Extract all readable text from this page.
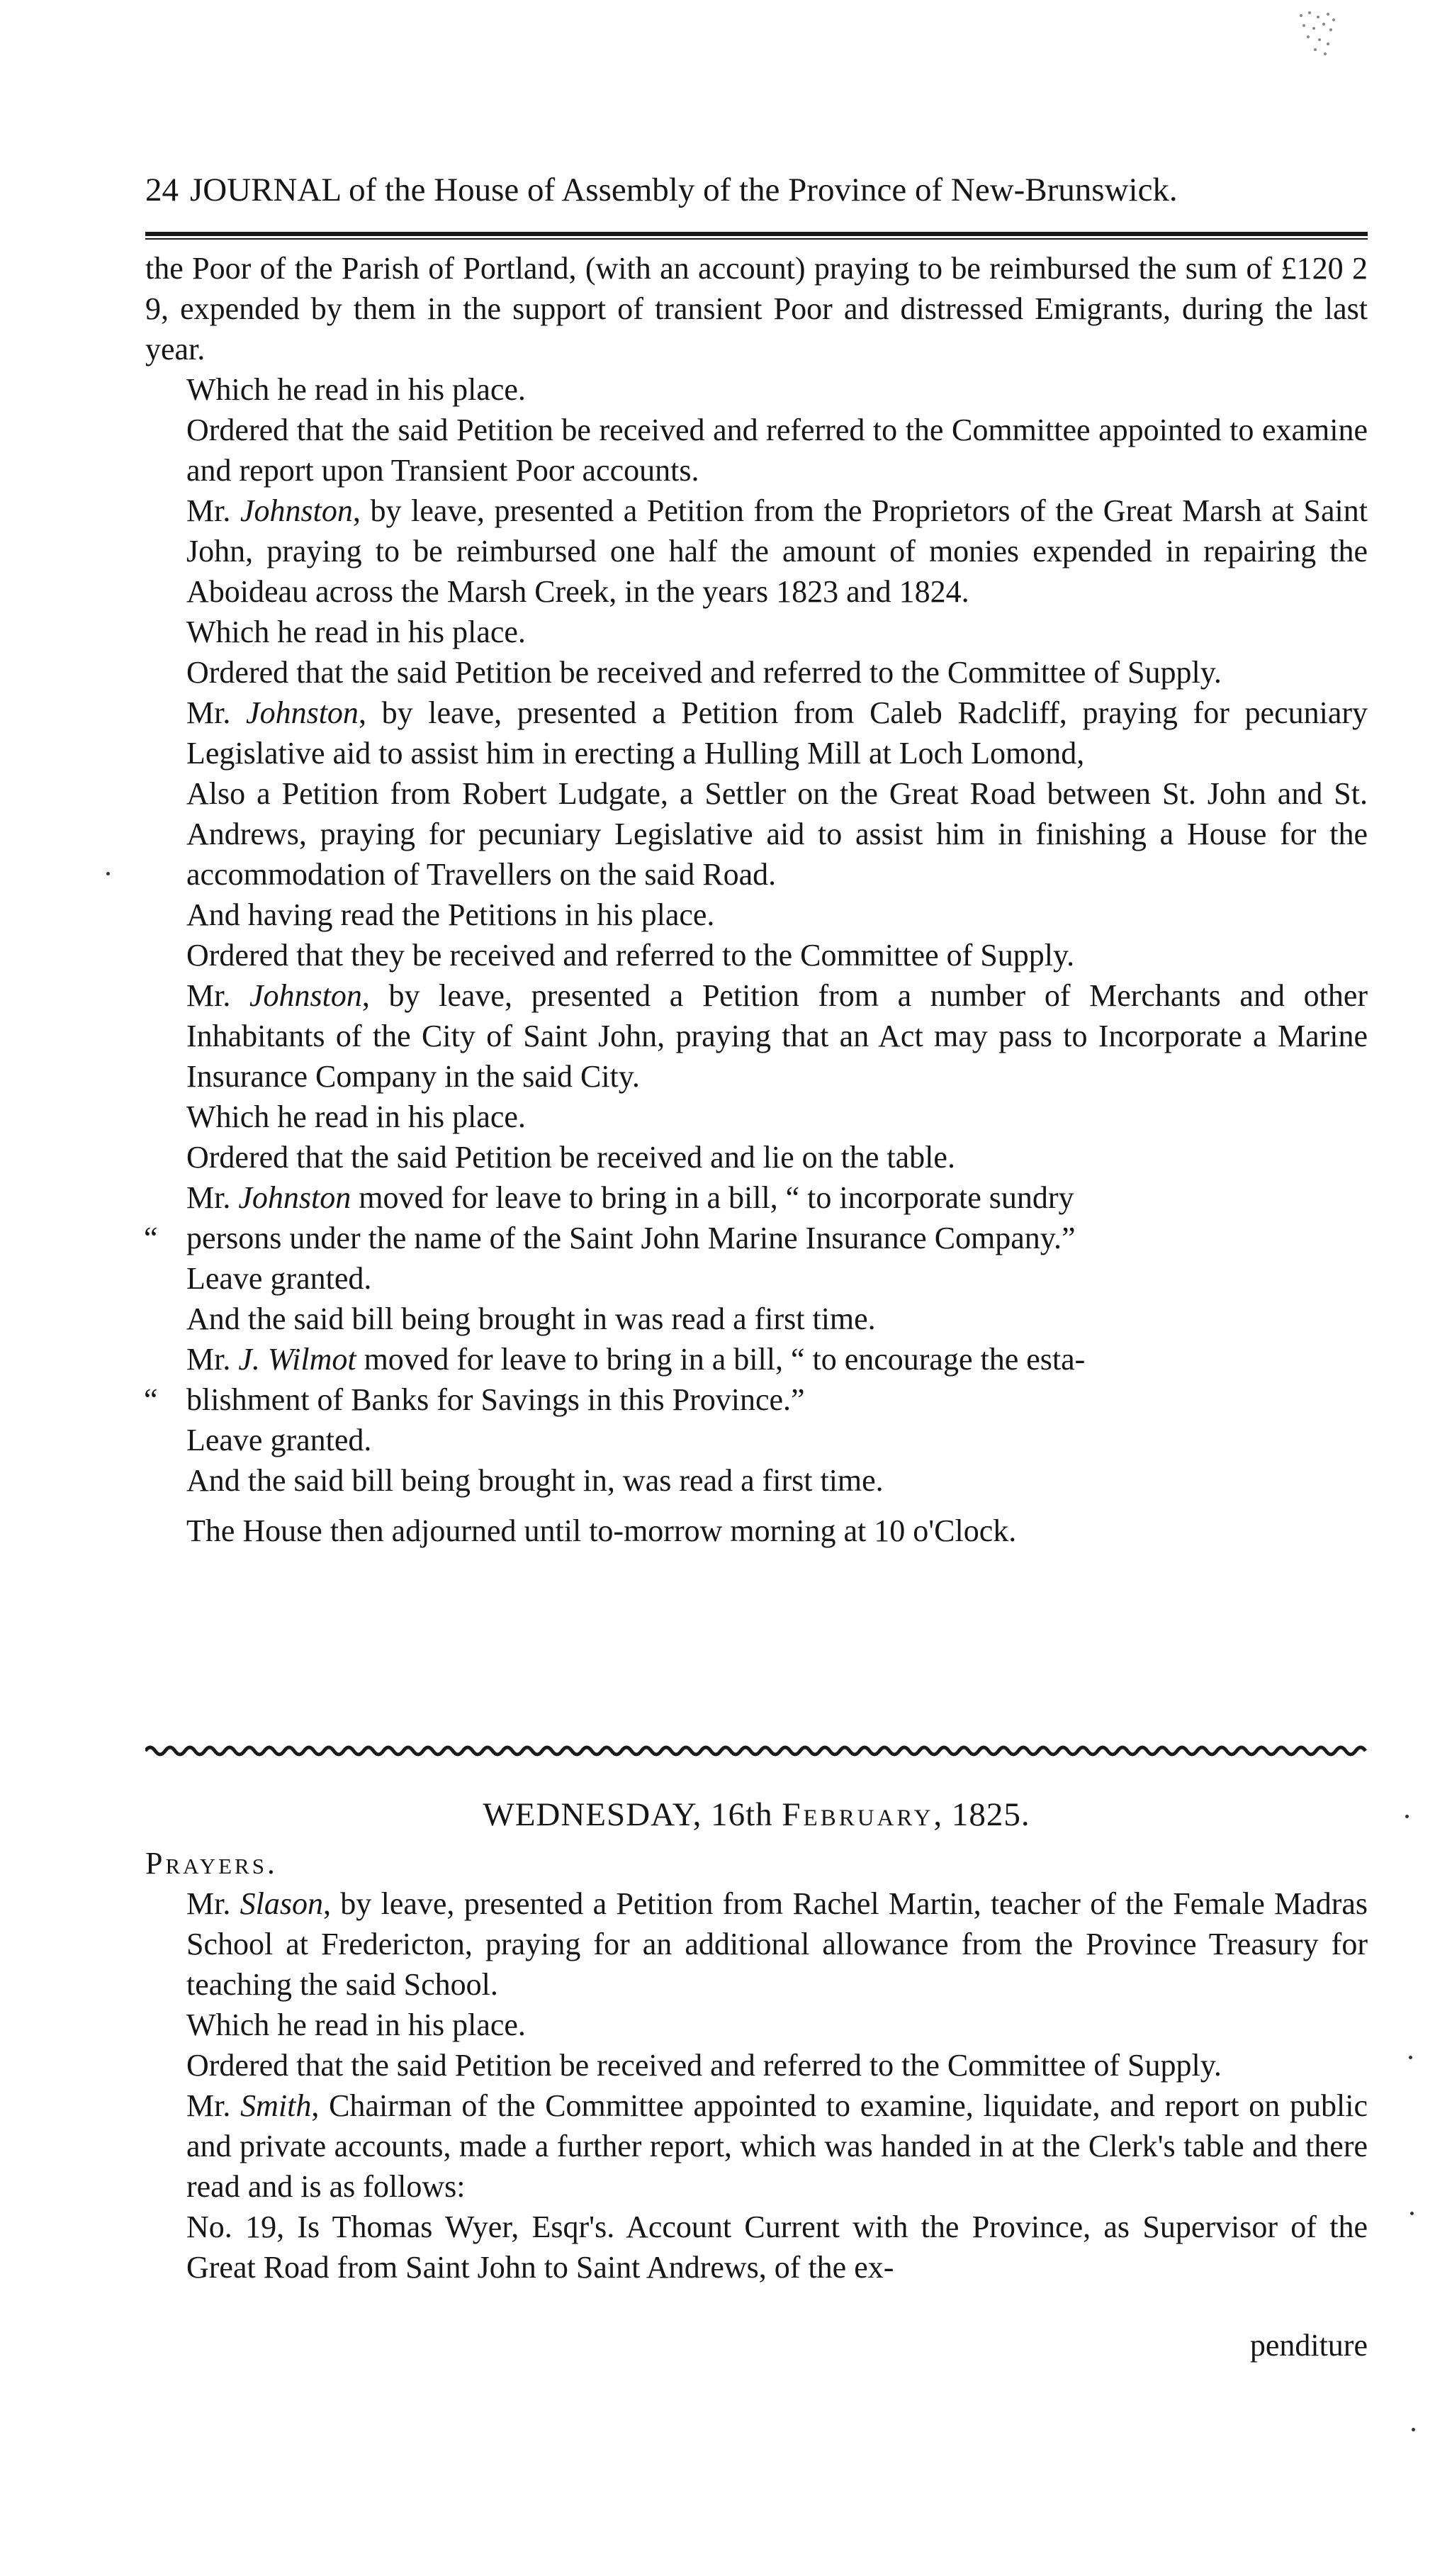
24 JOURNAL of the House of Assembly of the Province of New-Brunswick.

the Poor of the Parish of Portland, (with an account) praying to be reimbursed the sum of £120 2 9, expended by them in the support of transient Poor and distressed Emigrants, during the last year.

Which he read in his place.

Ordered that the said Petition be received and referred to the Committee appointed to examine and report upon Transient Poor accounts.

Mr. Johnston, by leave, presented a Petition from the Proprietors of the Great Marsh at Saint John, praying to be reimbursed one half the amount of monies expended in repairing the Aboideau across the Marsh Creek, in the years 1823 and 1824.

Which he read in his place.

Ordered that the said Petition be received and referred to the Committee of Supply.

Mr. Johnston, by leave, presented a Petition from Caleb Radcliff, praying for pecuniary Legislative aid to assist him in erecting a Hulling Mill at Loch Lomond,

Also a Petition from Robert Ludgate, a Settler on the Great Road between St. John and St. Andrews, praying for pecuniary Legislative aid to assist him in finishing a House for the accommodation of Travellers on the said Road.

And having read the Petitions in his place.

Ordered that they be received and referred to the Committee of Supply.

Mr. Johnston, by leave, presented a Petition from a number of Merchants and other Inhabitants of the City of Saint John, praying that an Act may pass to Incorporate a Marine Insurance Company in the said City.

Which he read in his place.

Ordered that the said Petition be received and lie on the table.

Mr. Johnston moved for leave to bring in a bill, “ to incorporate sundry

“ persons under the name of the Saint John Marine Insurance Company.”

Leave granted.

And the said bill being brought in was read a first time.

Mr. J. Wilmot moved for leave to bring in a bill, “ to encourage the esta-

“ blishment of Banks for Savings in this Province.”

Leave granted.

And the said bill being brought in, was read a first time.

The House then adjourned until to-morrow morning at 10 o'Clock.

WEDNESDAY, 16th February, 1825.

Prayers.

Mr. Slason, by leave, presented a Petition from Rachel Martin, teacher of the Female Madras School at Fredericton, praying for an additional allowance from the Province Treasury for teaching the said School.

Which he read in his place.

Ordered that the said Petition be received and referred to the Committee of Supply.

Mr. Smith, Chairman of the Committee appointed to examine, liquidate, and report on public and private accounts, made a further report, which was handed in at the Clerk's table and there read and is as follows:

No. 19, Is Thomas Wyer, Esqr's. Account Current with the Province, as Supervisor of the Great Road from Saint John to Saint Andrews, of the ex-

penditure
